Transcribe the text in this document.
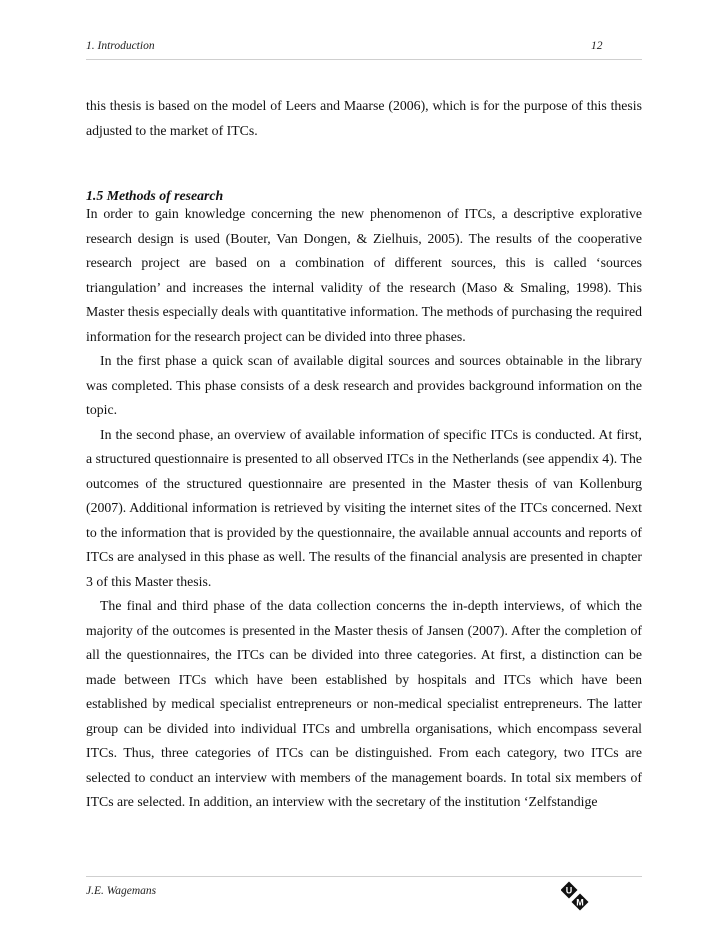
1. Introduction	12

this thesis is based on the model of Leers and Maarse (2006), which is for the purpose of this thesis adjusted to the market of ITCs.

1.5 Methods of research

In order to gain knowledge concerning the new phenomenon of ITCs, a descriptive explorative research design is used (Bouter, Van Dongen, & Zielhuis, 2005). The results of the cooperative research project are based on a combination of different sources, this is called ‘sources triangulation’ and increases the internal validity of the research (Maso & Smaling, 1998). This Master thesis especially deals with quantitative information. The methods of purchasing the required information for the research project can be divided into three phases.

In the first phase a quick scan of available digital sources and sources obtainable in the library was completed. This phase consists of a desk research and provides background information on the topic.

In the second phase, an overview of available information of specific ITCs is conducted. At first, a structured questionnaire is presented to all observed ITCs in the Netherlands (see appendix 4). The outcomes of the structured questionnaire are presented in the Master thesis of van Kollenburg (2007). Additional information is retrieved by visiting the internet sites of the ITCs concerned. Next to the information that is provided by the questionnaire, the available annual accounts and reports of ITCs are analysed in this phase as well. The results of the financial analysis are presented in chapter 3 of this Master thesis.

The final and third phase of the data collection concerns the in-depth interviews, of which the majority of the outcomes is presented in the Master thesis of Jansen (2007). After the completion of all the questionnaires, the ITCs can be divided into three categories. At first, a distinction can be made between ITCs which have been established by hospitals and ITCs which have been established by medical specialist entrepreneurs or non-medical specialist entrepreneurs. The latter group can be divided into individual ITCs and umbrella organisations, which encompass several ITCs. Thus, three categories of ITCs can be distinguished. From each category, two ITCs are selected to conduct an interview with members of the management boards. In total six members of ITCs are selected. In addition, an interview with the secretary of the institution ‘Zelfstandige

J.E. Wagemans	U
M
